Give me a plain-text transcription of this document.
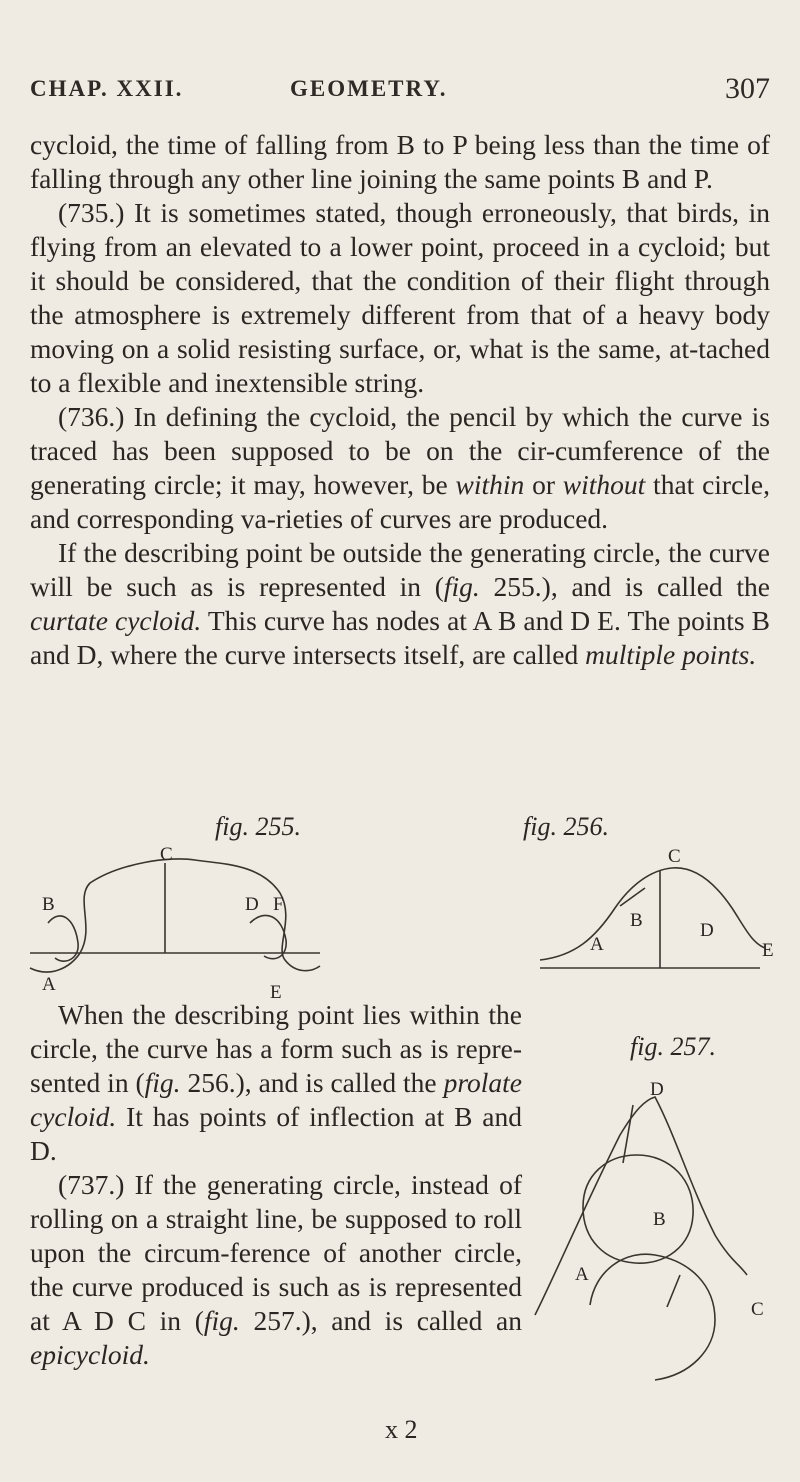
CHAP. XXII.	GEOMETRY.	307

cycloid, the time of falling from B to P being less than the time of falling through any other line joining the same points B and P.

(735.) It is sometimes stated, though erroneously, that birds, in flying from an elevated to a lower point, proceed in a cycloid; but it should be considered, that the condition of their flight through the atmosphere is extremely different from that of a heavy body moving on a solid resisting surface, or, what is the same, at-tached to a flexible and inextensible string.

(736.) In defining the cycloid, the pencil by which the curve is traced has been supposed to be on the cir-cumference of the generating circle; it may, however, be within or without that circle, and corresponding va-rieties of curves are produced.

If the describing point be outside the generating circle, the curve will be such as is represented in (fig. 255.), and is called the curtate cycloid. This curve has nodes at A B and D E. The points B and D, where the curve intersects itself, are called multiple points.

fig. 255.	fig. 256.
C
B	D F
A	E
C
B	D
A	E
fig. 257.
D
B
A
C

When the describing point lies within the circle, the curve has a form such as is repre-sented in (fig. 256.), and is called the prolate cycloid. It has points of inflection at B and D.

(737.) If the generating circle, instead of rolling on a straight line, be supposed to roll upon the circum-ference of another circle, the curve produced is such as is represented at A D C in (fig. 257.), and is called an epicycloid.

x 2
